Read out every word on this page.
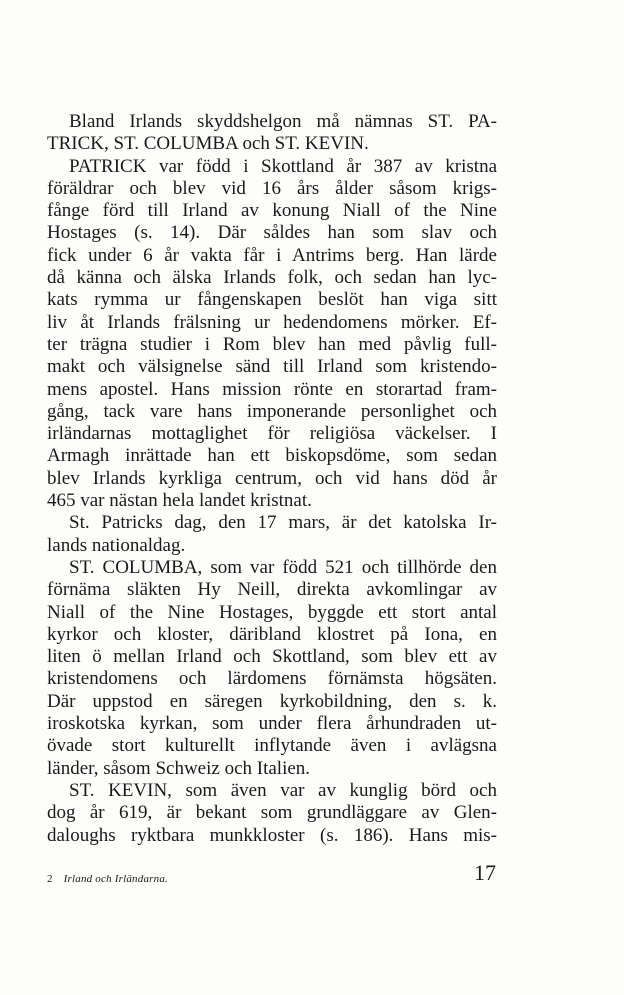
Bland Irlands skyddshelgon må nämnas ST. PA-
TRICK, ST. COLUMBA och ST. KEVIN.
PATRICK var född i Skottland år 387 av kristna
föräldrar och blev vid 16 års ålder såsom krigs-
fånge förd till Irland av konung Niall of the Nine
Hostages (s. 14). Där såldes han som slav och
fick under 6 år vakta får i Antrims berg. Han lärde
då känna och älska Irlands folk, och sedan han lyc-
kats rymma ur fångenskapen beslöt han viga sitt
liv åt Irlands frälsning ur hedendomens mörker. Ef-
ter trägna studier i Rom blev han med påvlig full-
makt och välsignelse sänd till Irland som kristendo-
mens apostel. Hans mission rönte en storartad fram-
gång, tack vare hans imponerande personlighet och
irländarnas mottaglighet för religiösa väckelser. I
Armagh inrättade han ett biskopsdöme, som sedan
blev Irlands kyrkliga centrum, och vid hans död år
465 var nästan hela landet kristnat.
St. Patricks dag, den 17 mars, är det katolska Ir-
lands nationaldag.
ST. COLUMBA, som var född 521 och tillhörde den
förnäma släkten Hy Neill, direkta avkomlingar av
Niall of the Nine Hostages, byggde ett stort antal
kyrkor och kloster, däribland klostret på Iona, en
liten ö mellan Irland och Skottland, som blev ett av
kristendomens och lärdomens förnämsta högsäten.
Där uppstod en säregen kyrkobildning, den s. k.
iroskotska kyrkan, som under flera århundraden ut-
övade stort kulturellt inflytande även i avlägsna
länder, såsom Schweiz och Italien.
ST. KEVIN, som även var av kunglig börd och
dog år 619, är bekant som grundläggare av Glen-
daloughs ryktbara munkkloster (s. 186). Hans mis-
2 Irland och Irländarna.	17
